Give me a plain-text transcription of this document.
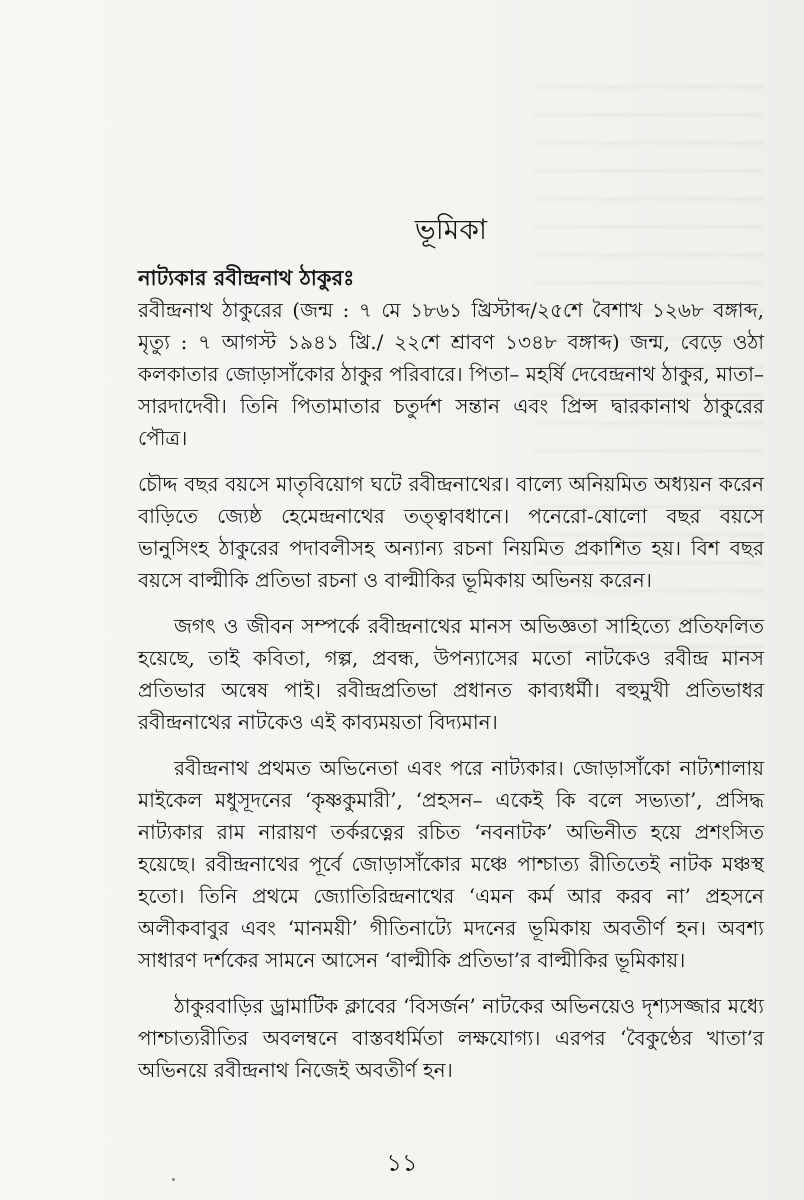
ভূমিকা

নাট্যকার রবীন্দ্রনাথ ঠাকুরঃ

রবীন্দ্রনাথ ঠাকুরের (জন্ম : ৭ মে ১৮৬১ খ্রিস্টাব্দ/২৫শে বৈশাখ ১২৬৮ বঙ্গাব্দ, মৃত্যু : ৭ আগস্ট ১৯৪১ খ্রি./ ২২শে শ্রাবণ ১৩৪৮ বঙ্গাব্দ) জন্ম, বেড়ে ওঠা কলকাতার জোড়াসাঁকোর ঠাকুর পরিবারে। পিতা– মহর্ষি দেবেন্দ্রনাথ ঠাকুর, মাতা– সারদাদেবী। তিনি পিতামাতার চতুর্দশ সন্তান এবং প্রিন্স দ্বারকানাথ ঠাকুরের পৌত্র।

চৌদ্দ বছর বয়সে মাতৃবিয়োগ ঘটে রবীন্দ্রনাথের। বাল্যে অনিয়মিত অধ্যয়ন করেন বাড়িতে জ্যেষ্ঠ হেমেন্দ্রনাথের তত্ত্বাবধানে। পনেরো-ষোলো বছর বয়সে ভানুসিংহ ঠাকুরের পদাবলীসহ অন্যান্য রচনা নিয়মিত প্রকাশিত হয়। বিশ বছর বয়সে বাল্মীকি প্রতিভা রচনা ও বাল্মীকির ভূমিকায় অভিনয় করেন।

জগৎ ও জীবন সম্পর্কে রবীন্দ্রনাথের মানস অভিজ্ঞতা সাহিত্যে প্রতিফলিত হয়েছে, তাই কবিতা, গল্প, প্রবন্ধ, উপন্যাসের মতো নাটকেও রবীন্দ্র মানস প্রতিভার অন্বেষ পাই। রবীন্দ্রপ্রতিভা প্রধানত কাব্যধর্মী। বহুমুখী প্রতিভাধর রবীন্দ্রনাথের নাটকেও এই কাব্যময়তা বিদ্যমান।

রবীন্দ্রনাথ প্রথমত অভিনেতা এবং পরে নাট্যকার। জোড়াসাঁকো নাট্যশালায় মাইকেল মধুসূদনের ‘কৃষ্ণকুমারী’, ‘প্রহসন– একেই কি বলে সভ্যতা’, প্রসিদ্ধ নাট্যকার রাম নারায়ণ তর্করত্নের রচিত ‘নবনাটক’ অভিনীত হয়ে প্রশংসিত হয়েছে। রবীন্দ্রনাথের পূর্বে জোড়াসাঁকোর মঞ্চে পাশ্চাত্য রীতিতেই নাটক মঞ্চস্থ হতো। তিনি প্রথমে জ্যোতিরিন্দ্রনাথের ‘এমন কর্ম আর করব না’ প্রহসনে অলীকবাবুর এবং ‘মানময়ী’ গীতিনাট্যে মদনের ভূমিকায় অবতীর্ণ হন। অবশ্য সাধারণ দর্শকের সামনে আসেন ‘বাল্মীকি প্রতিভা’র বাল্মীকির ভূমিকায়।

ঠাকুরবাড়ির ড্রামাটিক ক্লাবের ‘বিসর্জন’ নাটকের অভিনয়েও দৃশ্যসজ্জার মধ্যে পাশ্চাত্যরীতির অবলম্বনে বাস্তবধর্মিতা লক্ষযোগ্য। এরপর ‘বৈকুণ্ঠের খাতা’র অভিনয়ে রবীন্দ্রনাথ নিজেই অবতীর্ণ হন।

১১
